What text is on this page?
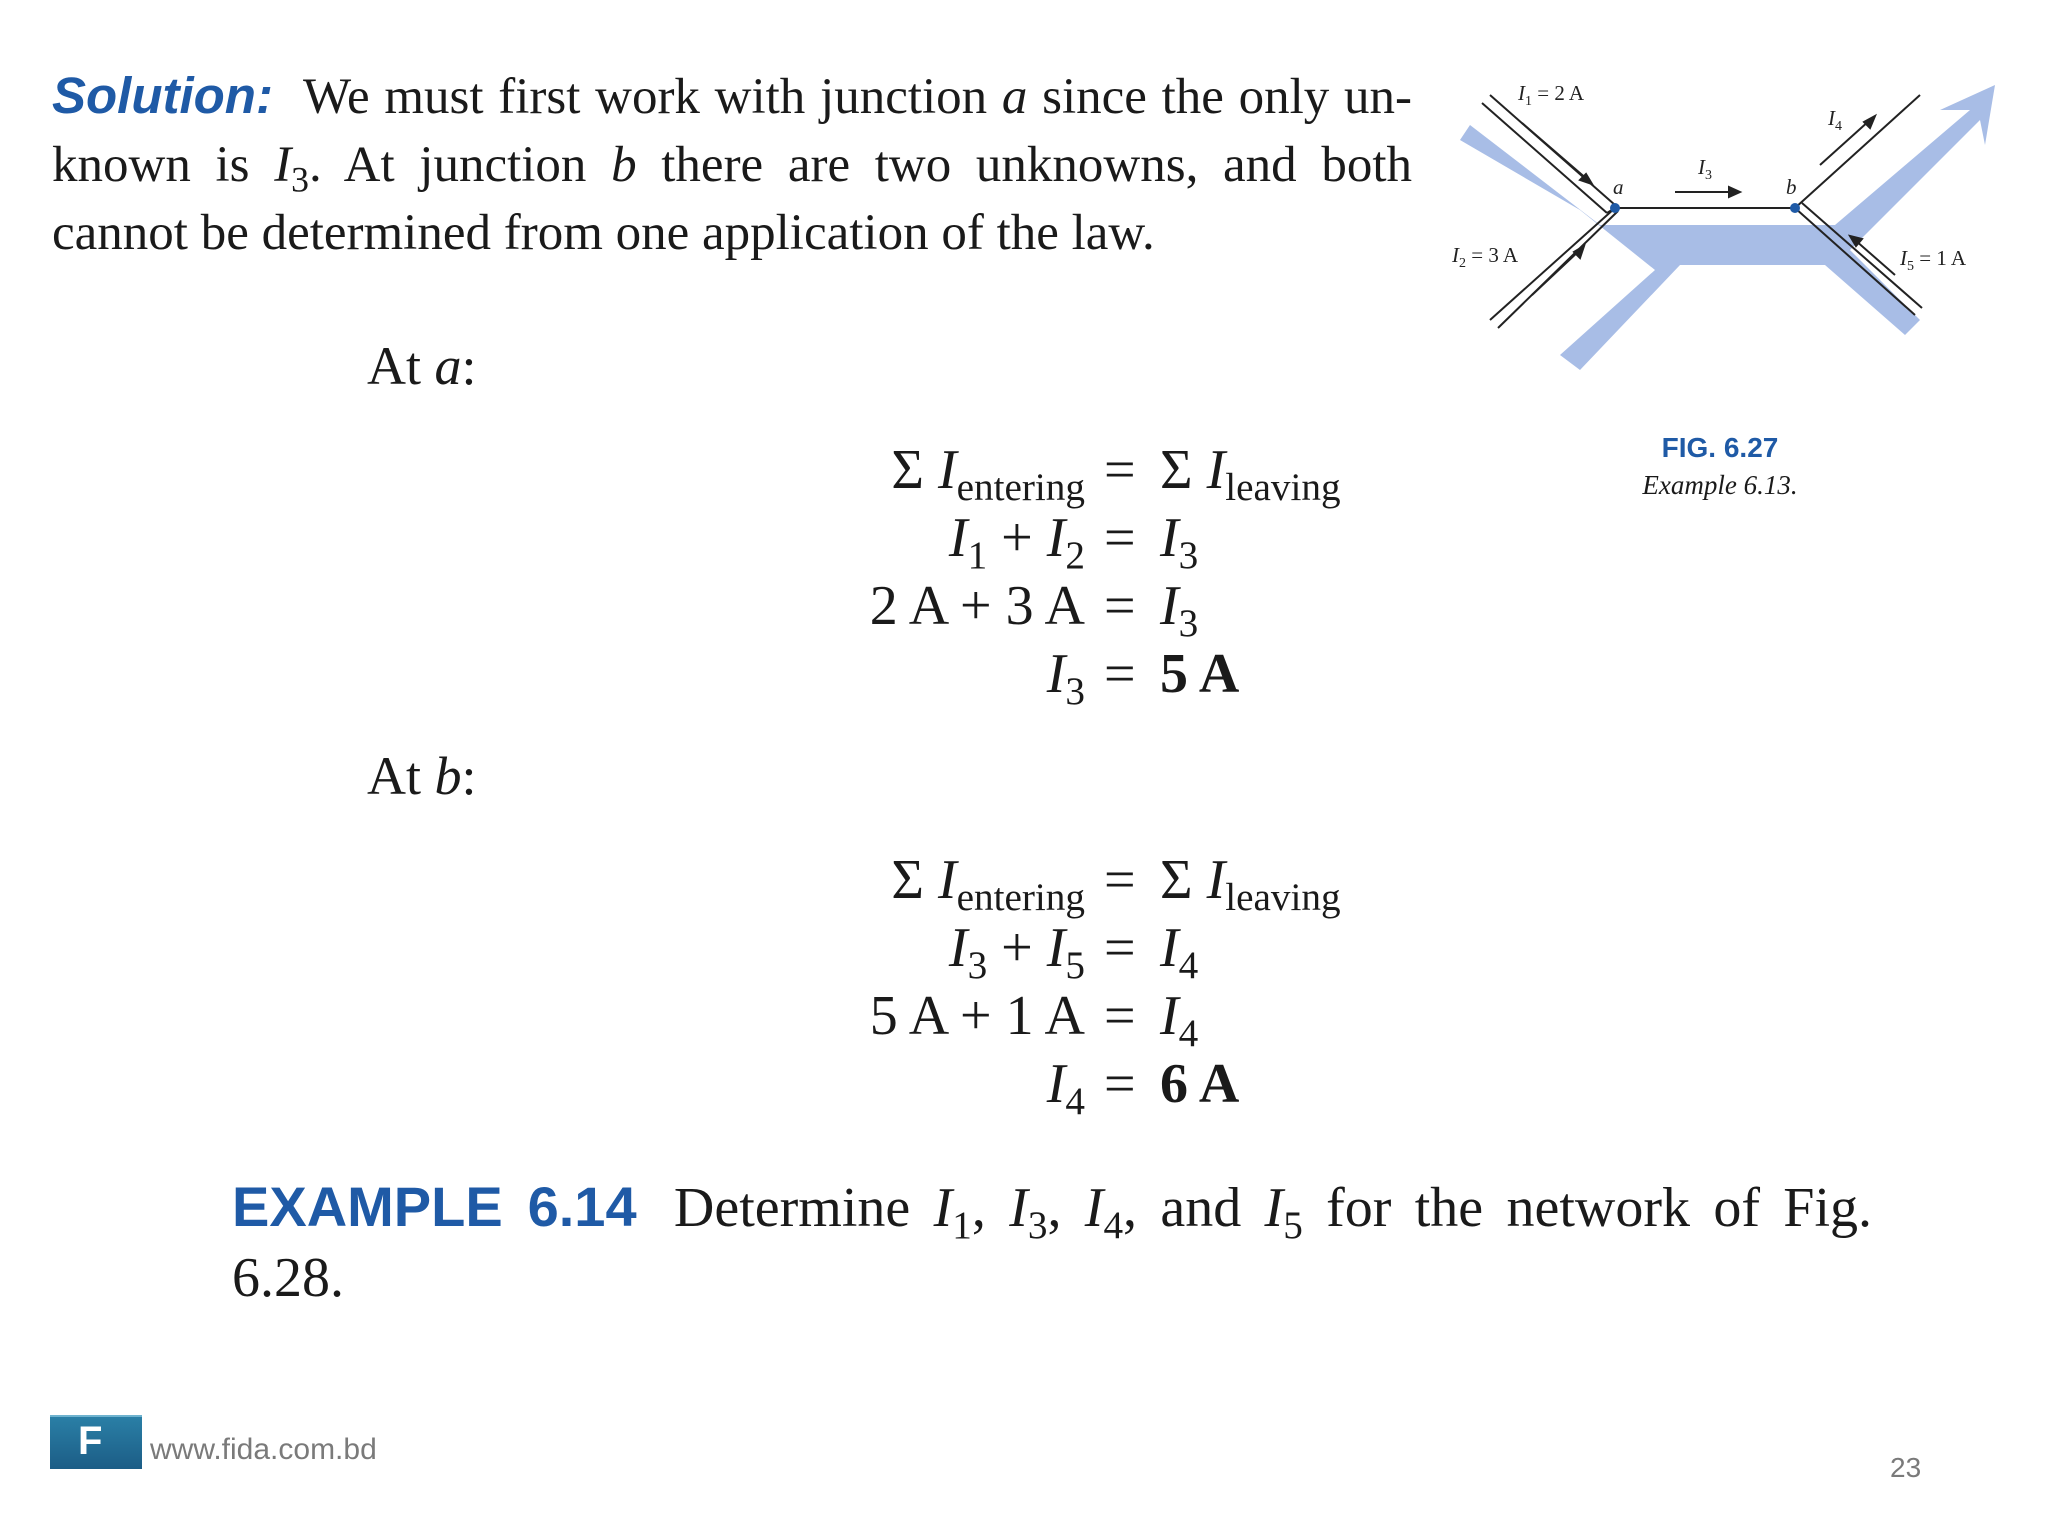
Solution: We must first work with junction a since the only un-known is $I_3$. At junction b there are two unknowns, and both cannot be determined from one application of the law.
At a:
Σ $I_{entering} = \Sigma$ $I_{leaving}$
$I_1 + I_2 = I_3$
2 A + 3 $A = I_3$
$I_3 = 5$ A
At b:
Σ $I_{entering} = \Sigma$ $I_{leaving}$
$I_3 + I_5 = I_4$
5 A + 1 $A = I_4$
$I_4 = 6$ A
$I_1 = 2$ A
$I_2 = 3$ A
$I_3$
$I_4$
$I_5 = 1$ A
a	b
FIG. 6.27
Example 6.13.
EXAMPLE 6.14 Determine $I_1$, $I_3$, $I_4$, and $I_5$ for the network of Fig. 6.28.
F www.fida.com.bd
23
